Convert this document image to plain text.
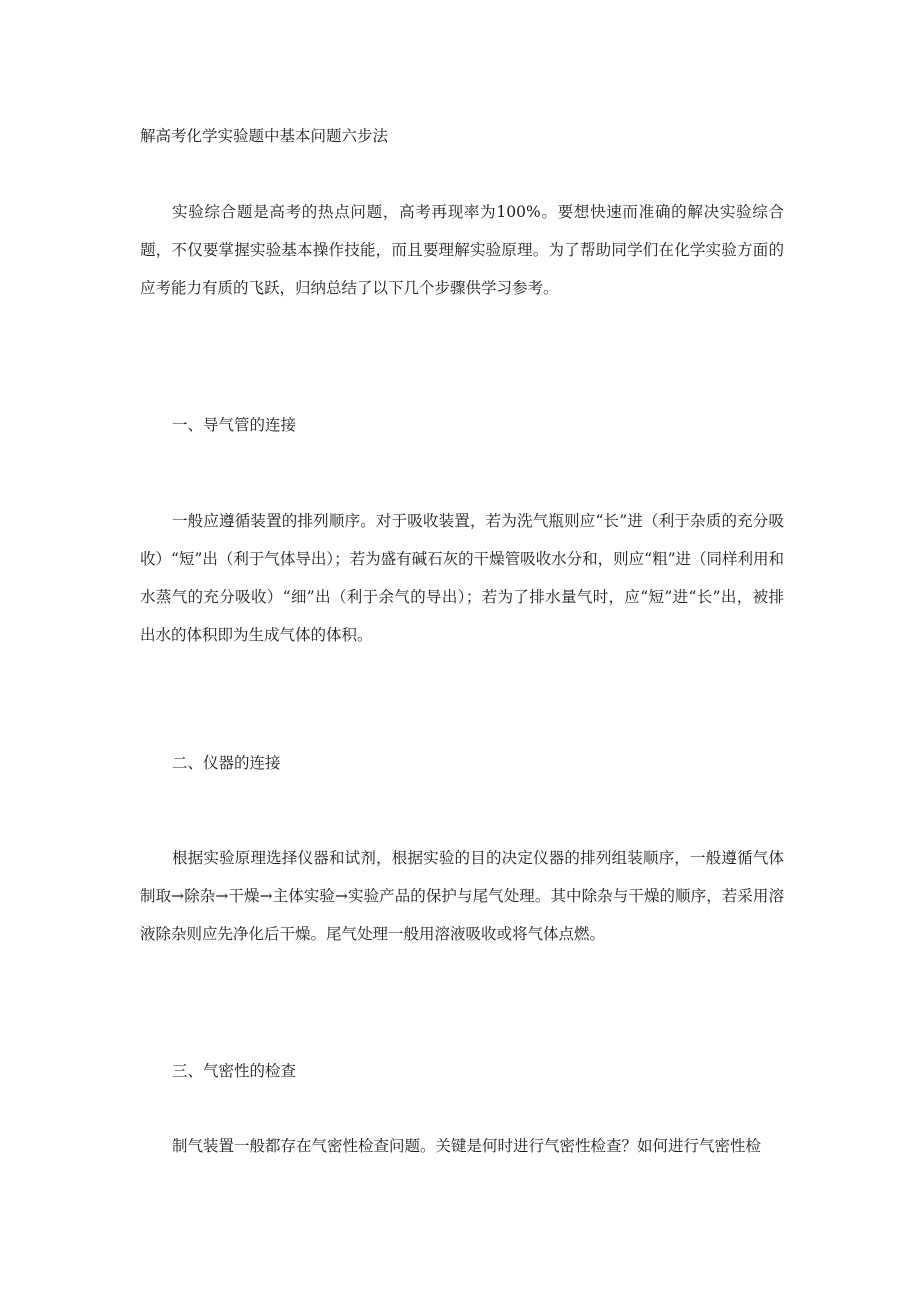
解高考化学实验题中基本问题六步法

实验综合题是高考的热点问题，高考再现率为100%。要想快速而准确的解决实验综合题，不仅要掌握实验基本操作技能，而且要理解实验原理。为了帮助同学们在化学实验方面的应考能力有质的飞跃，归纳总结了以下几个步骤供学习参考。

一、导气管的连接

一般应遵循装置的排列顺序。对于吸收装置，若为洗气瓶则应“长”进（利于杂质的充分吸收）“短”出（利于气体导出）；若为盛有碱石灰的干燥管吸收水分和，则应“粗”进（同样利用和水蒸气的充分吸收）“细”出（利于余气的导出）；若为了排水量气时，应“短”进“长”出，被排出水的体积即为生成气体的体积。

二、仪器的连接

根据实验原理选择仪器和试剂，根据实验的目的决定仪器的排列组装顺序，一般遵循气体制取→除杂→干燥→主体实验→实验产品的保护与尾气处理。其中除杂与干燥的顺序，若采用溶液除杂则应先净化后干燥。尾气处理一般用溶液吸收或将气体点燃。

三、气密性的检查

制气装置一般都存在气密性检查问题。关键是何时进行气密性检查？如何进行气密性检
